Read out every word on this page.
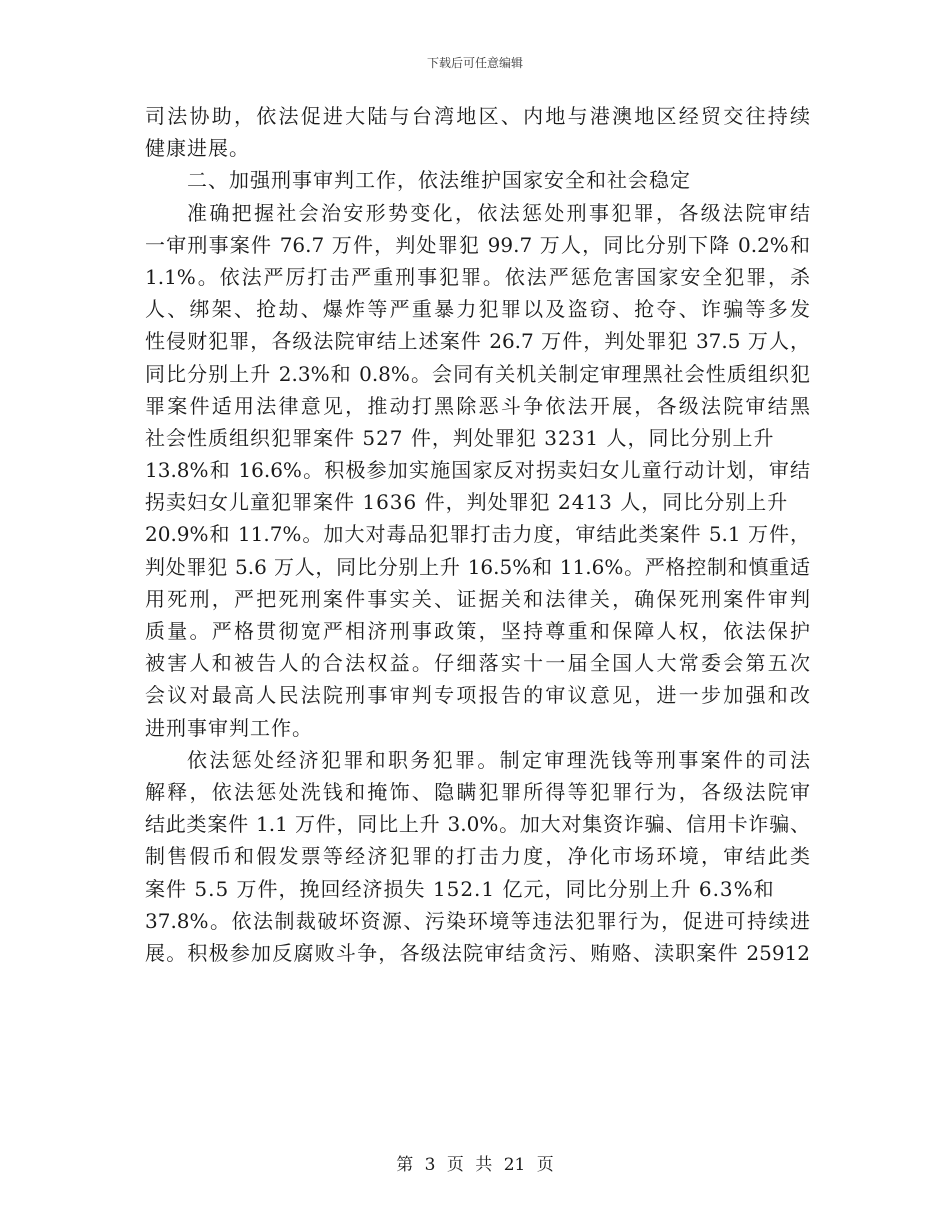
下载后可任意编辑
司法协助，依法促进大陆与台湾地区、内地与港澳地区经贸交往持续
健康进展。
二、加强刑事审判工作，依法维护国家安全和社会稳定
准确把握社会治安形势变化，依法惩处刑事犯罪，各级法院审结
一审刑事案件 76.7 万件，判处罪犯 99.7 万人，同比分别下降 0.2%和
1.1%。依法严厉打击严重刑事犯罪。依法严惩危害国家安全犯罪，杀
人、绑架、抢劫、爆炸等严重暴力犯罪以及盗窃、抢夺、诈骗等多发
性侵财犯罪，各级法院审结上述案件 26.7 万件，判处罪犯 37.5 万人，
同比分别上升 2.3%和 0.8%。会同有关机关制定审理黑社会性质组织犯
罪案件适用法律意见，推动打黑除恶斗争依法开展，各级法院审结黑
社会性质组织犯罪案件 527 件，判处罪犯 3231 人，同比分别上升
13.8%和 16.6%。积极参加实施国家反对拐卖妇女儿童行动计划，审结
拐卖妇女儿童犯罪案件 1636 件，判处罪犯 2413 人，同比分别上升
20.9%和 11.7%。加大对毒品犯罪打击力度，审结此类案件 5.1 万件，
判处罪犯 5.6 万人，同比分别上升 16.5%和 11.6%。严格控制和慎重适
用死刑，严把死刑案件事实关、证据关和法律关，确保死刑案件审判
质量。严格贯彻宽严相济刑事政策，坚持尊重和保障人权，依法保护
被害人和被告人的合法权益。仔细落实十一届全国人大常委会第五次
会议对最高人民法院刑事审判专项报告的审议意见，进一步加强和改
进刑事审判工作。
依法惩处经济犯罪和职务犯罪。制定审理洗钱等刑事案件的司法
解释，依法惩处洗钱和掩饰、隐瞒犯罪所得等犯罪行为，各级法院审
结此类案件 1.1 万件，同比上升 3.0%。加大对集资诈骗、信用卡诈骗、
制售假币和假发票等经济犯罪的打击力度，净化市场环境，审结此类
案件 5.5 万件，挽回经济损失 152.1 亿元，同比分别上升 6.3%和
37.8%。依法制裁破坏资源、污染环境等违法犯罪行为，促进可持续进
展。积极参加反腐败斗争，各级法院审结贪污、贿赂、渎职案件 25912
第 3 页 共 21 页
